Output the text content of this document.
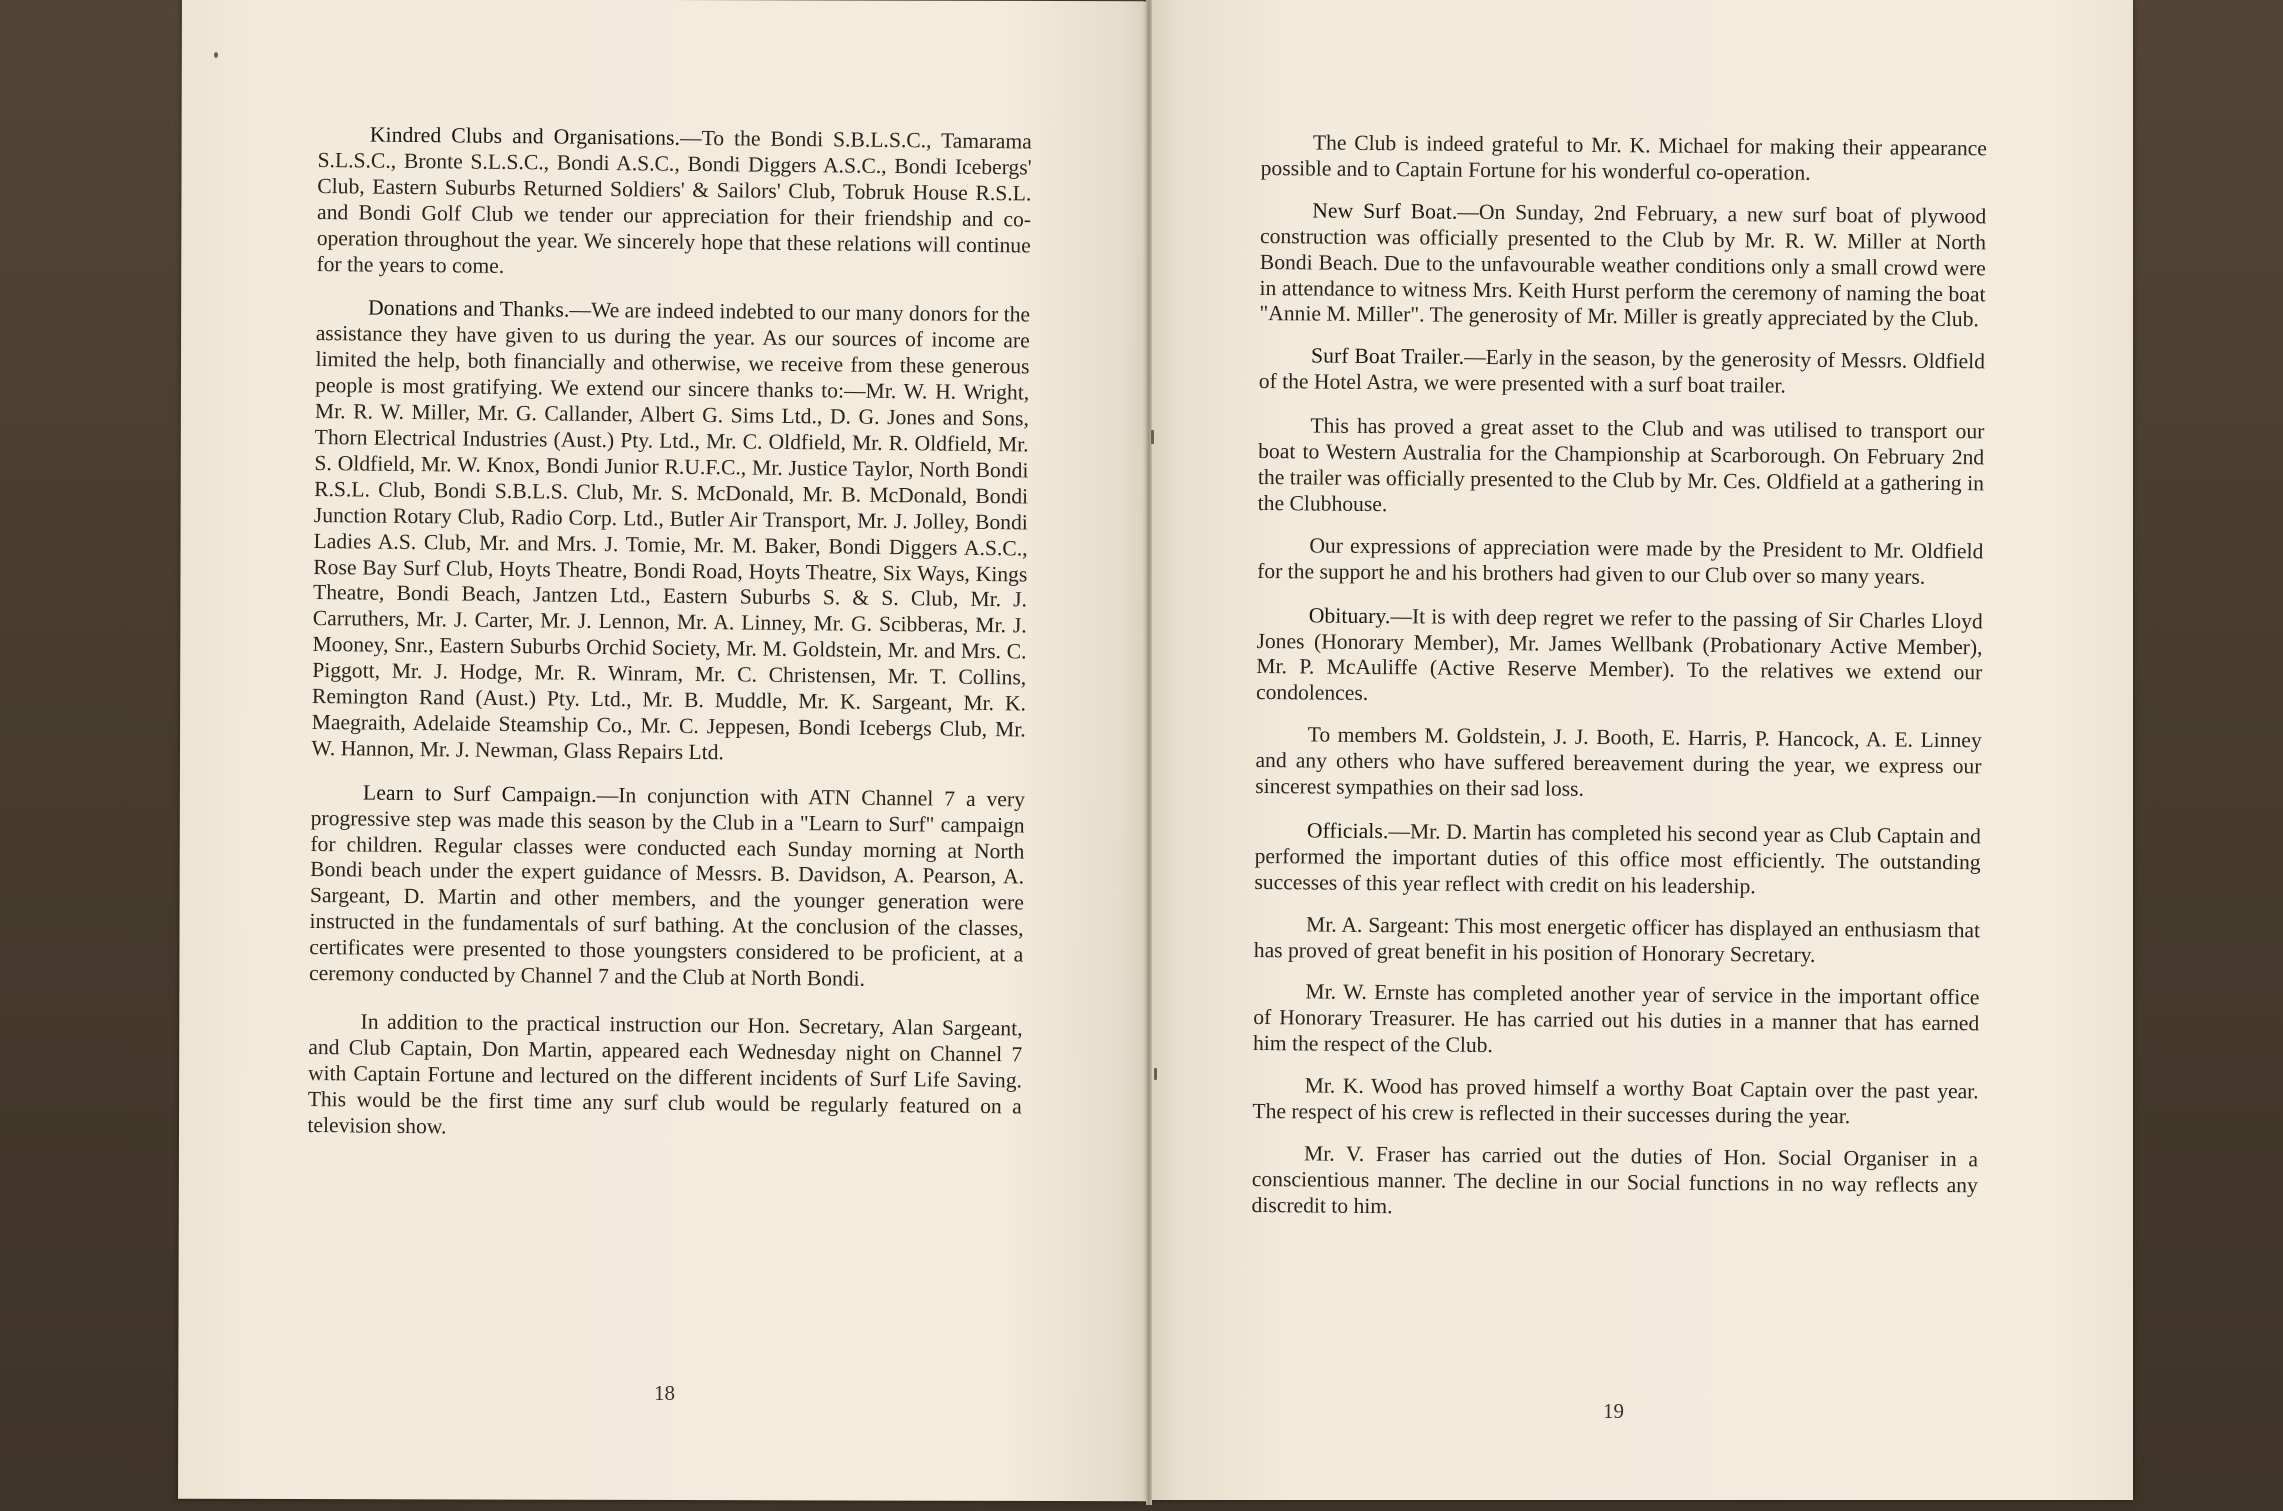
Kindred Clubs and Organisations.—To the Bondi S.B.L.S.C., Tamarama S.L.S.C., Bronte S.L.S.C., Bondi A.S.C., Bondi Diggers A.S.C., Bondi Icebergs' Club, Eastern Suburbs Returned Soldiers' & Sailors' Club, Tobruk House R.S.L. and Bondi Golf Club we tender our appreciation for their friendship and co-operation throughout the year. We sincerely hope that these relations will continue for the years to come.

Donations and Thanks.—We are indeed indebted to our many donors for the assistance they have given to us during the year. As our sources of income are limited the help, both financially and otherwise, we receive from these generous people is most gratifying. We extend our sincere thanks to:—Mr. W. H. Wright, Mr. R. W. Miller, Mr. G. Callander, Albert G. Sims Ltd., D. G. Jones and Sons, Thorn Electrical Industries (Aust.) Pty. Ltd., Mr. C. Oldfield, Mr. R. Oldfield, Mr. S. Oldfield, Mr. W. Knox, Bondi Junior R.U.F.C., Mr. Justice Taylor, North Bondi R.S.L. Club, Bondi S.B.L.S. Club, Mr. S. McDonald, Mr. B. McDonald, Bondi Junction Rotary Club, Radio Corp. Ltd., Butler Air Transport, Mr. J. Jolley, Bondi Ladies A.S. Club, Mr. and Mrs. J. Tomie, Mr. M. Baker, Bondi Diggers A.S.C., Rose Bay Surf Club, Hoyts Theatre, Bondi Road, Hoyts Theatre, Six Ways, Kings Theatre, Bondi Beach, Jantzen Ltd., Eastern Suburbs S. & S. Club, Mr. J. Carruthers, Mr. J. Carter, Mr. J. Lennon, Mr. A. Linney, Mr. G. Scibberas, Mr. J. Mooney, Snr., Eastern Suburbs Orchid Society, Mr. M. Goldstein, Mr. and Mrs. C. Piggott, Mr. J. Hodge, Mr. R. Winram, Mr. C. Christensen, Mr. T. Collins, Remington Rand (Aust.) Pty. Ltd., Mr. B. Muddle, Mr. K. Sargeant, Mr. K. Maegraith, Adelaide Steamship Co., Mr. C. Jeppesen, Bondi Icebergs Club, Mr. W. Hannon, Mr. J. Newman, Glass Repairs Ltd.

Learn to Surf Campaign.—In conjunction with ATN Channel 7 a very progressive step was made this season by the Club in a "Learn to Surf" campaign for children. Regular classes were conducted each Sunday morning at North Bondi beach under the expert guidance of Messrs. B. Davidson, A. Pearson, A. Sargeant, D. Martin and other members, and the younger generation were instructed in the fundamentals of surf bathing. At the conclusion of the classes, certificates were presented to those youngsters considered to be proficient, at a ceremony conducted by Channel 7 and the Club at North Bondi.

In addition to the practical instruction our Hon. Secretary, Alan Sargeant, and Club Captain, Don Martin, appeared each Wednesday night on Channel 7 with Captain Fortune and lectured on the different incidents of Surf Life Saving. This would be the first time any surf club would be regularly featured on a television show.

18

The Club is indeed grateful to Mr. K. Michael for making their appearance possible and to Captain Fortune for his wonderful co-operation.

New Surf Boat.—On Sunday, 2nd February, a new surf boat of plywood construction was officially presented to the Club by Mr. R. W. Miller at North Bondi Beach. Due to the unfavourable weather conditions only a small crowd were in attendance to witness Mrs. Keith Hurst perform the ceremony of naming the boat "Annie M. Miller". The generosity of Mr. Miller is greatly appreciated by the Club.

Surf Boat Trailer.—Early in the season, by the generosity of Messrs. Oldfield of the Hotel Astra, we were presented with a surf boat trailer.

This has proved a great asset to the Club and was utilised to transport our boat to Western Australia for the Championship at Scarborough. On February 2nd the trailer was officially presented to the Club by Mr. Ces. Oldfield at a gathering in the Clubhouse.

Our expressions of appreciation were made by the President to Mr. Oldfield for the support he and his brothers had given to our Club over so many years.

Obituary.—It is with deep regret we refer to the passing of Sir Charles Lloyd Jones (Honorary Member), Mr. James Wellbank (Probationary Active Member), Mr. P. McAuliffe (Active Reserve Member). To the relatives we extend our condolences.

To members M. Goldstein, J. J. Booth, E. Harris, P. Hancock, A. E. Linney and any others who have suffered bereavement during the year, we express our sincerest sympathies on their sad loss.

Officials.—Mr. D. Martin has completed his second year as Club Captain and performed the important duties of this office most efficiently. The outstanding successes of this year reflect with credit on his leadership.

Mr. A. Sargeant: This most energetic officer has displayed an enthusiasm that has proved of great benefit in his position of Honorary Secretary.

Mr. W. Ernste has completed another year of service in the important office of Honorary Treasurer. He has carried out his duties in a manner that has earned him the respect of the Club.

Mr. K. Wood has proved himself a worthy Boat Captain over the past year. The respect of his crew is reflected in their successes during the year.

Mr. V. Fraser has carried out the duties of Hon. Social Organiser in a conscientious manner. The decline in our Social functions in no way reflects any discredit to him.

19
